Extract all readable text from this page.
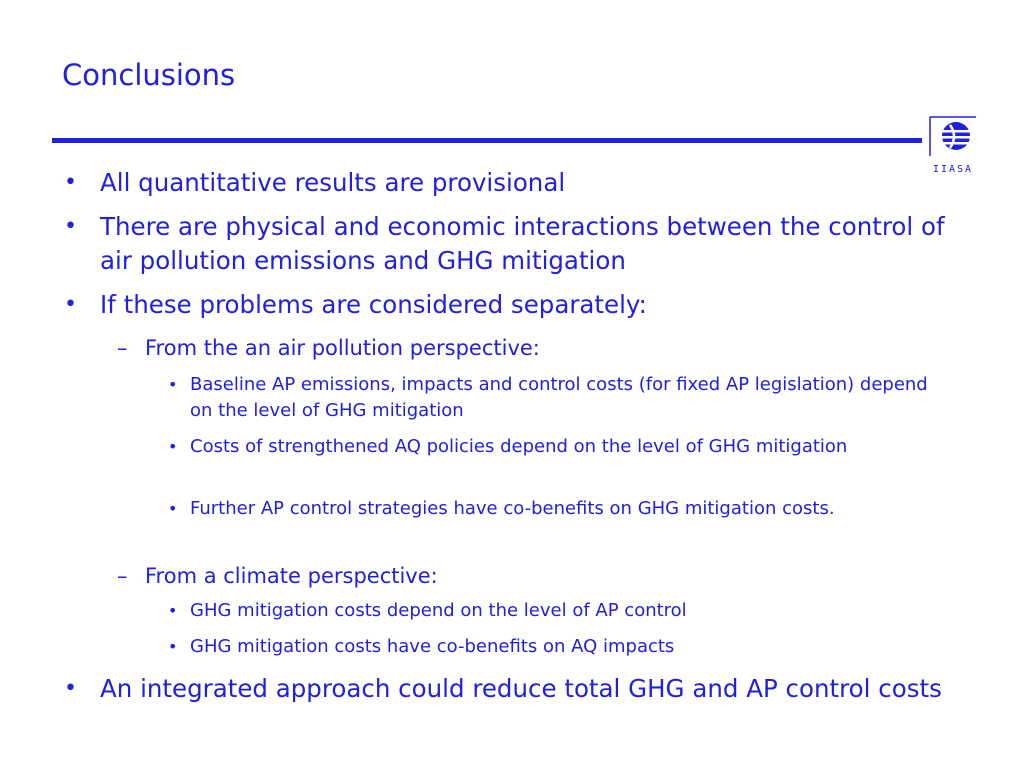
Conclusions
IIASA

• All quantitative results are provisional

• There are physical and economic interactions between the control of air pollution emissions and GHG mitigation

• If these problems are considered separately:

– From the an air pollution perspective:

• Baseline AP emissions, impacts and control costs (for fixed AP legislation) depend on the level of GHG mitigation

• Costs of strengthened AQ policies depend on the level of GHG mitigation

• Further AP control strategies have co-benefits on GHG mitigation costs.

– From a climate perspective:

• GHG mitigation costs depend on the level of AP control

• GHG mitigation costs have co-benefits on AQ impacts

• An integrated approach could reduce total GHG and AP control costs
